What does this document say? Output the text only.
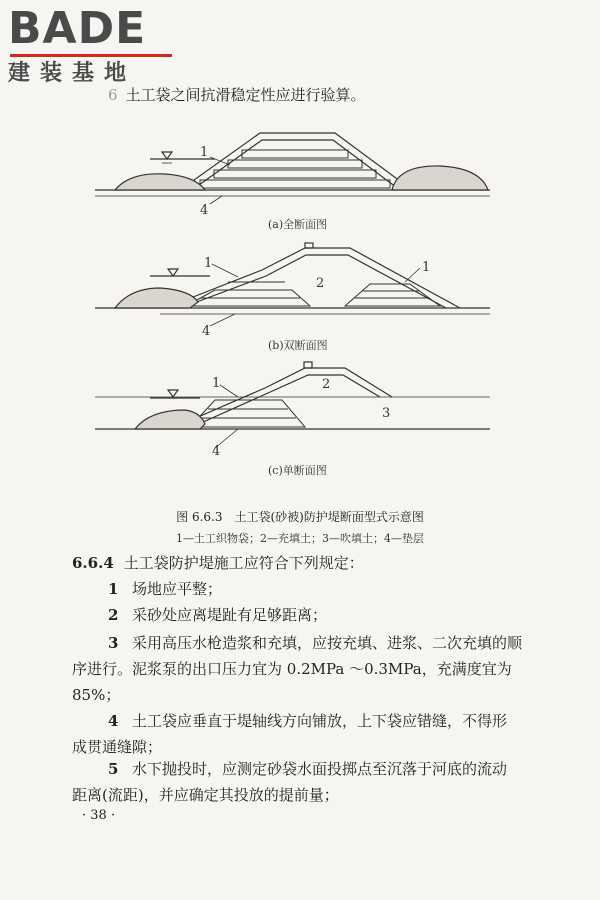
BADE
建装基地
6 土工袋之间抗滑稳定性应进行验算。
1
4
(a)全断面图
1
2
1
4
(b)双断面图
1	2
3
4
(c)单断面图
图 6.6.3　土工袋(砂被)防护堤断面型式示意图
1—土工织物袋；2—充填土；3—吹填土；4—垫层
6.6.4 土工袋防护堤施工应符合下列规定：
1 场地应平整；
2 采砂处应离堤趾有足够距离；
3 采用高压水枪造浆和充填，应按充填、进浆、二次充填的顺
序进行。泥浆泵的出口压力宜为 0.2MPa ～0.3MPa，充满度宜为
85%；
4 土工袋应垂直于堤轴线方向铺放，上下袋应错缝，不得形
成贯通缝隙；
5 水下抛投时，应测定砂袋水面投掷点至沉落于河底的流动
距离(流距)，并应确定其投放的提前量；
· 38 ·
